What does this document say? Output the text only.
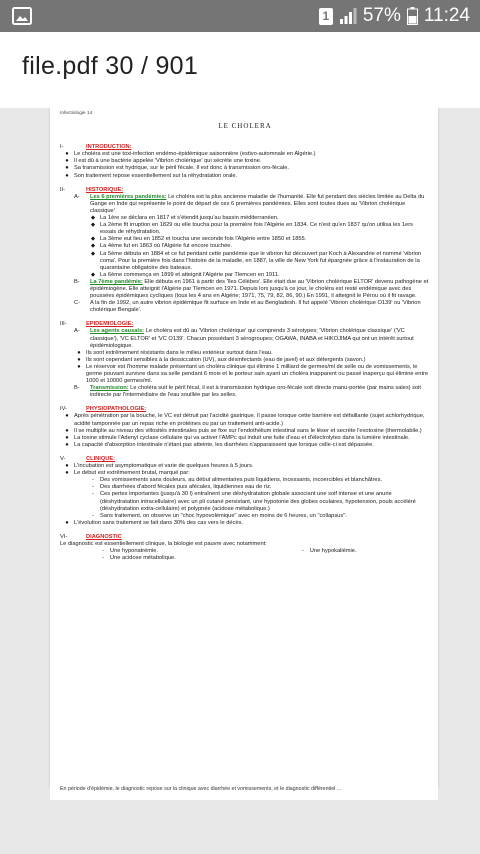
1 57% 11:24
file.pdf 30 / 901
Infectiologie 14
LE CHOLERA
I-	INTRODUCTION:
● Le choléra est une toxi-infection endémo-épidémique saisonnière (estivo-automnale en Algérie.)
● Il est dû à une bactérie appelée 'Vibrion cholérique' qui sécrète une toxine.
● Sa transmission est hydrique, sur le péril fécale. Il est donc à transmission oro-fécale.
● Son traitement repose essentiellement sur la réhydratation orale.
II-	HISTORIQUE:
A-	Les 6 premières pandémies: Le choléra est la plus ancienne maladie de l'humanité. Elle fut pendant des siècles limitée au Delta du Gange en Inde qui représente le point de départ de ces 6 premières pandémies. Elles sont toutes dues au 'Vibrion cholérique classique'
◆ La 1ère se déclara en 1817 et s'étendit jusqu'au bassin méditerranéen.
◆ La 2ème fit irruption en 1829 ou elle toucha pour la première fois l'Algérie en 1834. Ce n'est qu'en 1837 qu'on utilisa les 1ers essais de réhydratation.
◆ La 3ème eut lieu en 1852 et toucha une seconde fois l'Algérie entre 1850 et 1855.
◆ La 4ème fut en 1863 où l'Algérie fut encore touchée.
◆ La 5ème débuta en 1884 et ce fut pendant cette pandémie que le vibrion fut découvert par Koch à Alexandrie et nommé 'vibrion coma'. Pour la première fois dans l'histoire de la maladie, en 1887, la ville de New York fut épargnée grâce à l'instauration de la quarantaine obligatoire des bateaux.
◆ La 6ème commença en 1899 et atteignit l'Algérie par Tlemcen en 1911.
B-	La 7ème pandémie: Elle débuta en 1961 à partir des 'îles Célèbes'. Elle était due au 'Vibrion cholérique ELTOR' devenu pathogène et épidémiogène. Elle atteignit l'Algérie par Tlemcen en 1971. Depuis lors jusqu'à ce jour, le choléra est resté endémique avec des poussées épidémiques cycliques (tous les 4 ans en Algérie; 1971, 75, 79, 82, 86, 90.) En 1991, il atteignit le Pérou où il fit ravage.
C-	A la fin de 1992, un autre vibrion épidémique fit surface en Inde et au Bengladesh. Il fut appelé 'Vibrion cholérique O139' ou 'Vibrion cholérique Bengale'.
III-	EPIDEMIOLOGIE:
A-	Les agents causals: Le choléra est dû au 'Vibrion cholérique' qui comprends 3 sérotypes; 'Vibrion cholérique classique' ('VC classique'), 'VC ELTOR' et 'VC O139'. Chacun possédant 3 sérogroupes; OGAWA, INABA et HIKOJIMA qui ont un intérêt surtout épidémiologique.
● Ils sont extrêmement résistants dans le milieu extérieur surtout dans l'eau.
● Ils sont cependant sensibles à la dessiccation (UV), aux désinfectants (eau de javel) et aux détergents (savon.)
● Le réservoir est l'homme malade présentant un choléra clinique qui élimine 1 milliard de germes/ml de selle ou de vomissements, le germe pouvant survivre dans sa selle pendant 6 mois et le porteur sain ayant un choléra inapparent ou passé inaperçu qui élimine entre 1000 et 10000 germes/ml.
B-	Transmission: Le choléra suit le péril fécal, il est à transmission hydrique oro-fécale soit directe manu-portée (par mains sales) soit indirecte par l'intermédiaire de l'eau souillée par les selles.
IV-	PHYSIOPATHOLOGIE:
● Après pénétration par la bouche, le VC est détruit par l'acidité gastrique. Il passe lorsque cette barrière est défaillante (sujet achlorhydrique, acidité tamponnée par un repas riche en protéines ou par un traitement anti-acide.)
● Il se multiplie au niveau des villosités intestinales puis se fixe sur l'endothélium intestinal sans le léser et secrète l'exotoxine (thermolabile.)
● La toxine stimule l'Adenyl cyclase cellulaire qui va activer l'AMPc qui induit une fuite d'eau et d'électrolytes dans la lumière intestinale.
● La capacité d'absorption intestinale n'étant pas atteinte, les diarrhées n'apparaissent que lorsque celle-ci est dépassée.
V-	CLINIQUE:
● L'incubation est asymptomatique et varie de quelques heures à 5 jours.
● Le début est extrêmement brutal, marqué par:
-	Des vomissements sans douleurs, au début alimentaires puis liquidiens, incessants, incoercibles et blanchâtres.
-	Des diarrhées d'abord fécales puis afécales, liquidiennes eau de riz.
-	Ces pertes importantes (jusqu'à 30 l) entraînent une déshydratation globale associant une soif intense et une anurie (déshydratation intracellulaire) avec un pli cutané persistant, une hypotonie des globes oculaires, hypotension, pouls accéléré (déshydratation extra-cellulaire) et polypnée (acidose métabolique.)
-	Sans traitement, on observe un "choc hypovolémique" avec en moins de 6 heures, un "collapsus".
● L'évolution sans traitement se fait dans 30% des cas vers le décès.
VI-	DIAGNOSTIC
Le diagnostic est essentiellement clinique, la biologie est pauvre avec notamment:
-	Une hyponatrémie.
-	Une acidose métabolique.
-	Une hypokaliémie.
En période d'épidémie, le diagnostic repose sur la clinique avec diarrhée et vomissements, et le diagnostic différentiel ...
